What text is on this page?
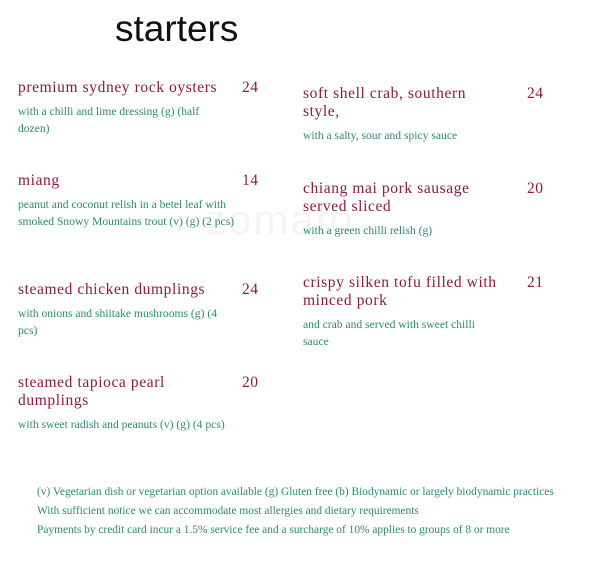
starters
premium sydney rock oysters	24
with a chilli and lime dressing (g) (half dozen)
miang	14
peanut and coconut relish in a betel leaf with smoked Snowy Mountains trout (v) (g) (2 pcs)
steamed chicken dumplings	24
with onions and shiitake mushrooms (g) (4 pcs)
steamed tapioca pearl dumplings
20
with sweet radish and peanuts (v) (g) (4 pcs)
soft shell crab, southern style,
24
with a salty, sour and spicy sauce
chiang mai pork sausage served sliced
20
with a green chilli relish (g)
crispy silken tofu filled with minced pork
21
and crab and served with sweet chilli sauce
(v) Vegetarian dish or vegetarian option available (g) Gluten free (b) Biodynamic or largely biodynamic practices
With sufficient notice we can accommodate most allergies and dietary requirements
Payments by credit card incur a 1.5% service fee and a surcharge of 10% applies to groups of 8 or more
